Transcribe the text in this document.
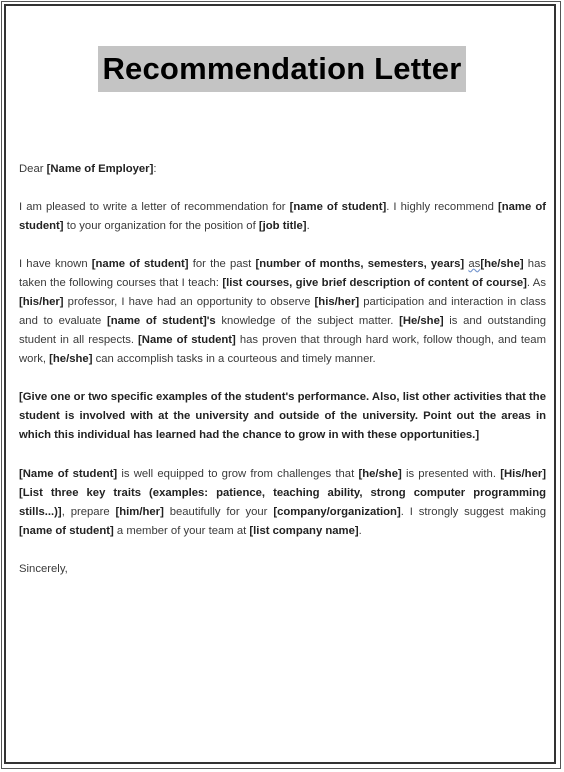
Recommendation Letter

Dear [Name of Employer]:

I am pleased to write a letter of recommendation for [name of student]. I highly recommend [name of student] to your organization for the position of [job title].

I have known [name of student] for the past [number of months, semesters, years] as[he/she] has taken the following courses that I teach: [list courses, give brief description of content of course]. As [his/her] professor, I have had an opportunity to observe [his/her] participation and interaction in class and to evaluate [name of student]'s knowledge of the subject matter. [He/she] is and outstanding student in all respects. [Name of student] has proven that through hard work, follow though, and team work, [he/she] can accomplish tasks in a courteous and timely manner.

[Give one or two specific examples of the student's performance. Also, list other activities that the student is involved with at the university and outside of the university. Point out the areas in which this individual has learned had the chance to grow in with these opportunities.]

[Name of student] is well equipped to grow from challenges that [he/she] is presented with. [His/her] [List three key traits (examples: patience, teaching ability, strong computer programming stills...)], prepare [him/her] beautifully for your [company/organization]. I strongly suggest making [name of student] a member of your team at [list company name].

Sincerely,
